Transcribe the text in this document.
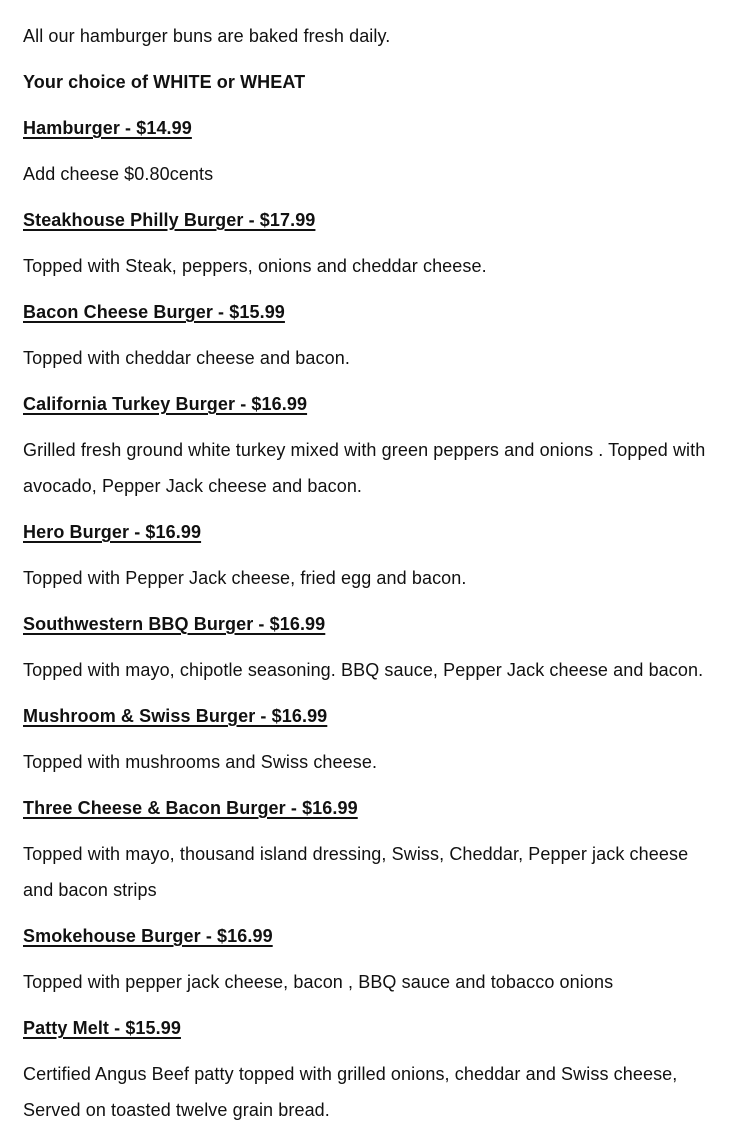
All our hamburger buns are baked fresh daily.

Your choice of WHITE or WHEAT

Hamburger - $14.99

Add cheese $0.80cents

Steakhouse Philly Burger - $17.99

Topped with Steak, peppers, onions and cheddar cheese.

Bacon Cheese Burger - $15.99

Topped with cheddar cheese and bacon.

California Turkey Burger - $16.99

Grilled fresh ground white turkey mixed with green peppers and onions . Topped with avocado, Pepper Jack cheese and bacon.

Hero Burger - $16.99

Topped with Pepper Jack cheese, fried egg and bacon.

Southwestern BBQ Burger - $16.99

Topped with mayo, chipotle seasoning. BBQ sauce, Pepper Jack cheese and bacon.

Mushroom & Swiss Burger - $16.99

Topped with mushrooms and Swiss cheese.

Three Cheese & Bacon Burger - $16.99

Topped with mayo, thousand island dressing, Swiss, Cheddar, Pepper jack cheese and bacon strips

Smokehouse Burger - $16.99

Topped with pepper jack cheese, bacon , BBQ sauce and tobacco onions

Patty Melt - $15.99

Certified Angus Beef patty topped with grilled onions, cheddar and Swiss cheese, Served on toasted twelve grain bread.
